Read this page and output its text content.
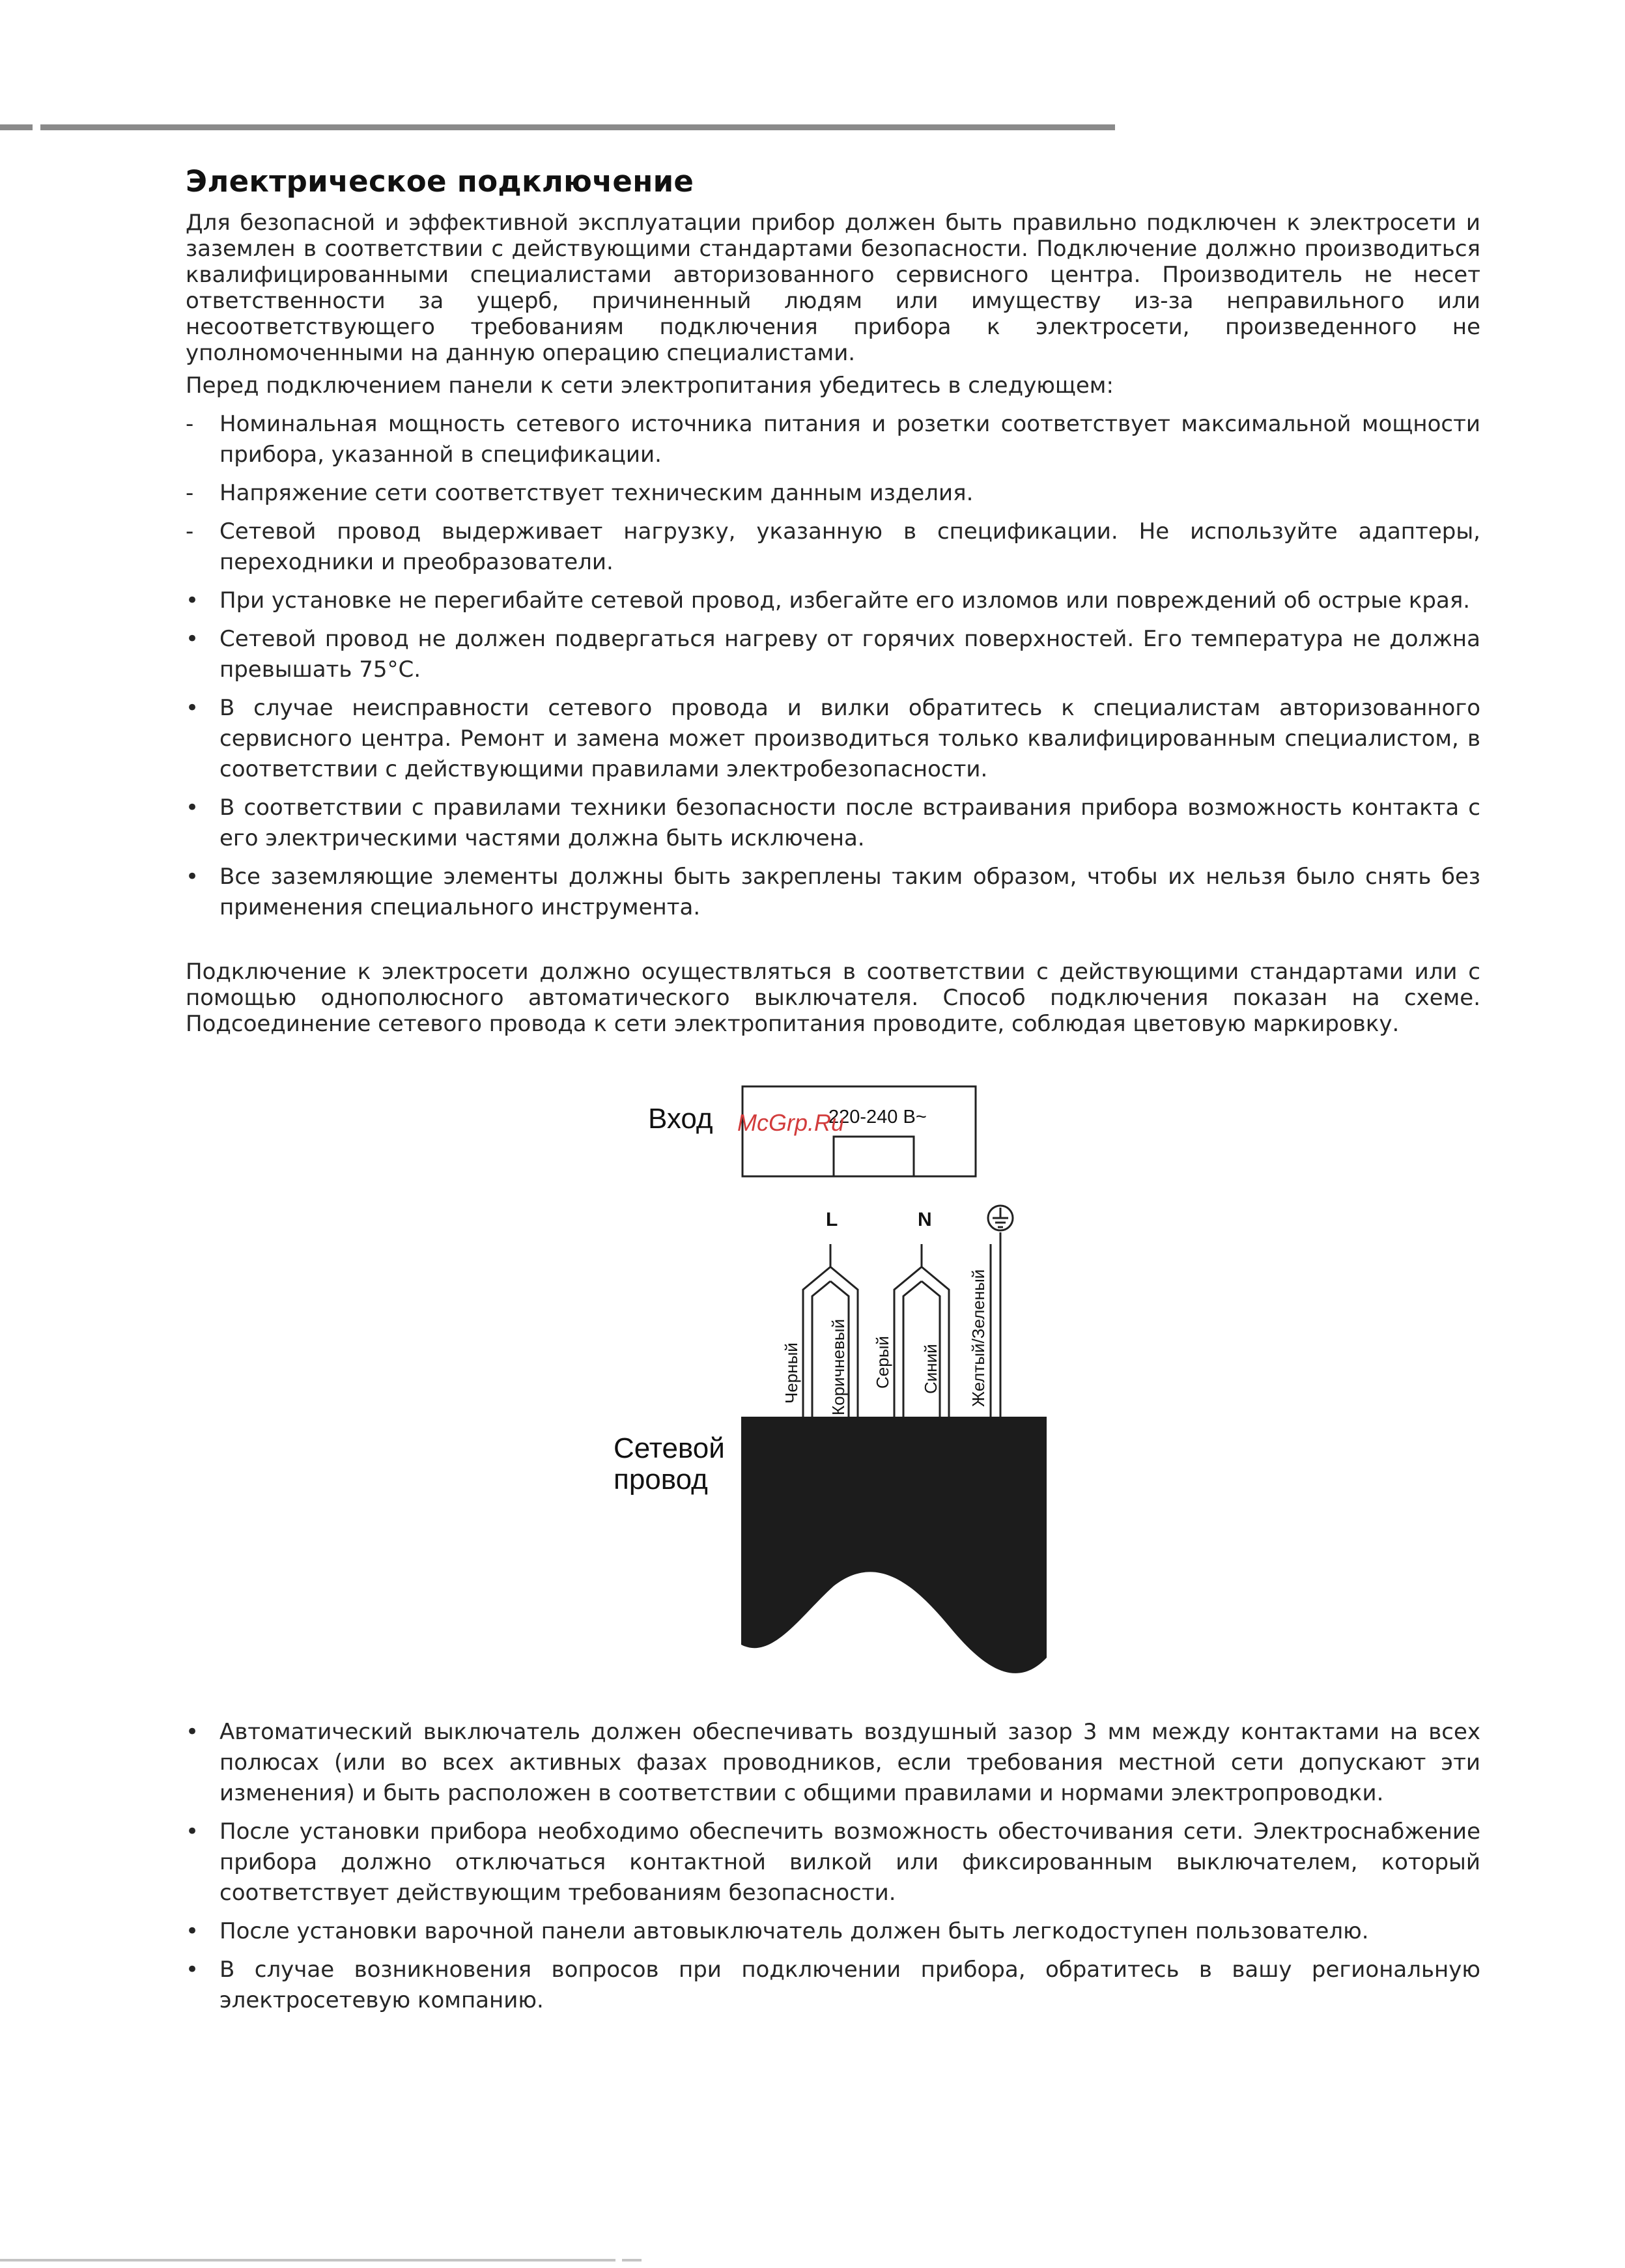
Электрическое подключение

Для безопасной и эффективной эксплуатации прибор должен быть правильно подключен к электросети и заземлен в соответствии с действующими стандартами безопасности. Подключение должно производиться квалифицированными специалистами авторизованного сервисного центра. Производитель не несет ответственности за ущерб, причиненный людям или имуществу из-за неправильного или несоответствующего требованиям подключения прибора к электросети, произведенного не уполномоченными на данную операцию специалистами.

Перед подключением панели к сети электропитания убедитесь в следующем:

-	Номинальная мощность сетевого источника питания и розетки соответствует максимальной мощности прибора, указанной в спецификации.
-	Напряжение сети соответствует техническим данным изделия.
-	Сетевой провод выдерживает нагрузку, указанную в спецификации. Не используйте адаптеры, переходники и преобразователи.
• При установке не перегибайте сетевой провод, избегайте его изломов или повреждений об острые края.
• Сетевой провод не должен подвергаться нагреву от горячих поверхностей. Его температура не должна превышать 75°C.
• В случае неисправности сетевого провода и вилки обратитесь к специалистам авторизованного сервисного центра. Ремонт и замена может производиться только квалифицированным специалистом, в соответствии с действующими правилами электробезопасности.
• В соответствии с правилами техники безопасности после встраивания прибора возможность контакта с его электрическими частями должна быть исключена.
• Все заземляющие элементы должны быть закреплены таким образом, чтобы их нельзя было снять без применения специального инструмента.

Подключение к электросети должно осуществляться в соответствии с действующими стандартами или с помощью однополюсного автоматического выключателя. Способ подключения показан на схеме. Подсоединение сетевого провода к сети электропитания проводите, соблюдая цветовую маркировку.

Вход	220-240 В~
McGrp.Ru
L	N
Черный Коричневый Серый Синий Желтый/Зеленый
Сетевой
провод
• Автоматический выключатель должен обеспечивать воздушный зазор 3 мм между контактами на всех полюсах (или во всех активных фазах проводников, если требования местной сети допускают эти изменения) и быть расположен в соответствии с общими правилами и нормами электропроводки.
• После установки прибора необходимо обеспечить возможность обесточивания сети. Электроснабжение прибора должно отключаться контактной вилкой или фиксированным выключателем, который соответствует действующим требованиям безопасности.
• После установки варочной панели автовыключатель должен быть легкодоступен пользователю.
• В случае возникновения вопросов при подключении прибора, обратитесь в вашу региональную электросетевую компанию.
